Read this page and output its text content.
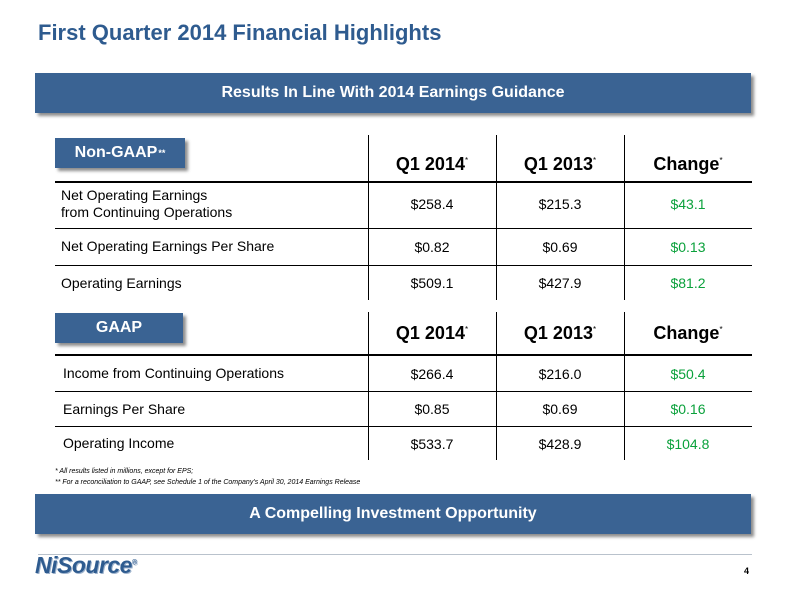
First Quarter 2014 Financial Highlights
Results In Line With 2014 Earnings Guidance
Non-GAAP **
Q1 2014*	Q1 2013*	Change*
Net Operating Earnings
from Continuing Operations	$258.4	$215.3	$43.1
Net Operating Earnings Per Share	$0.82	$0.69	$0.13
Operating Earnings	$509.1	$427.9	$81.2
GAAP	Q1 2014*	Q1 2013*	Change*
Income from Continuing Operations	$266.4	$216.0	$50.4
Earnings Per Share	$0.85	$0.69	$0.16
Operating Income	$533.7	$428.9	$104.8
* All results listed in millions, except for EPS;
** For a reconciliation to GAAP, see Schedule 1 of the Company’s April 30, 2014 Earnings Release
A Compelling Investment Opportunity
NiSource®
4
